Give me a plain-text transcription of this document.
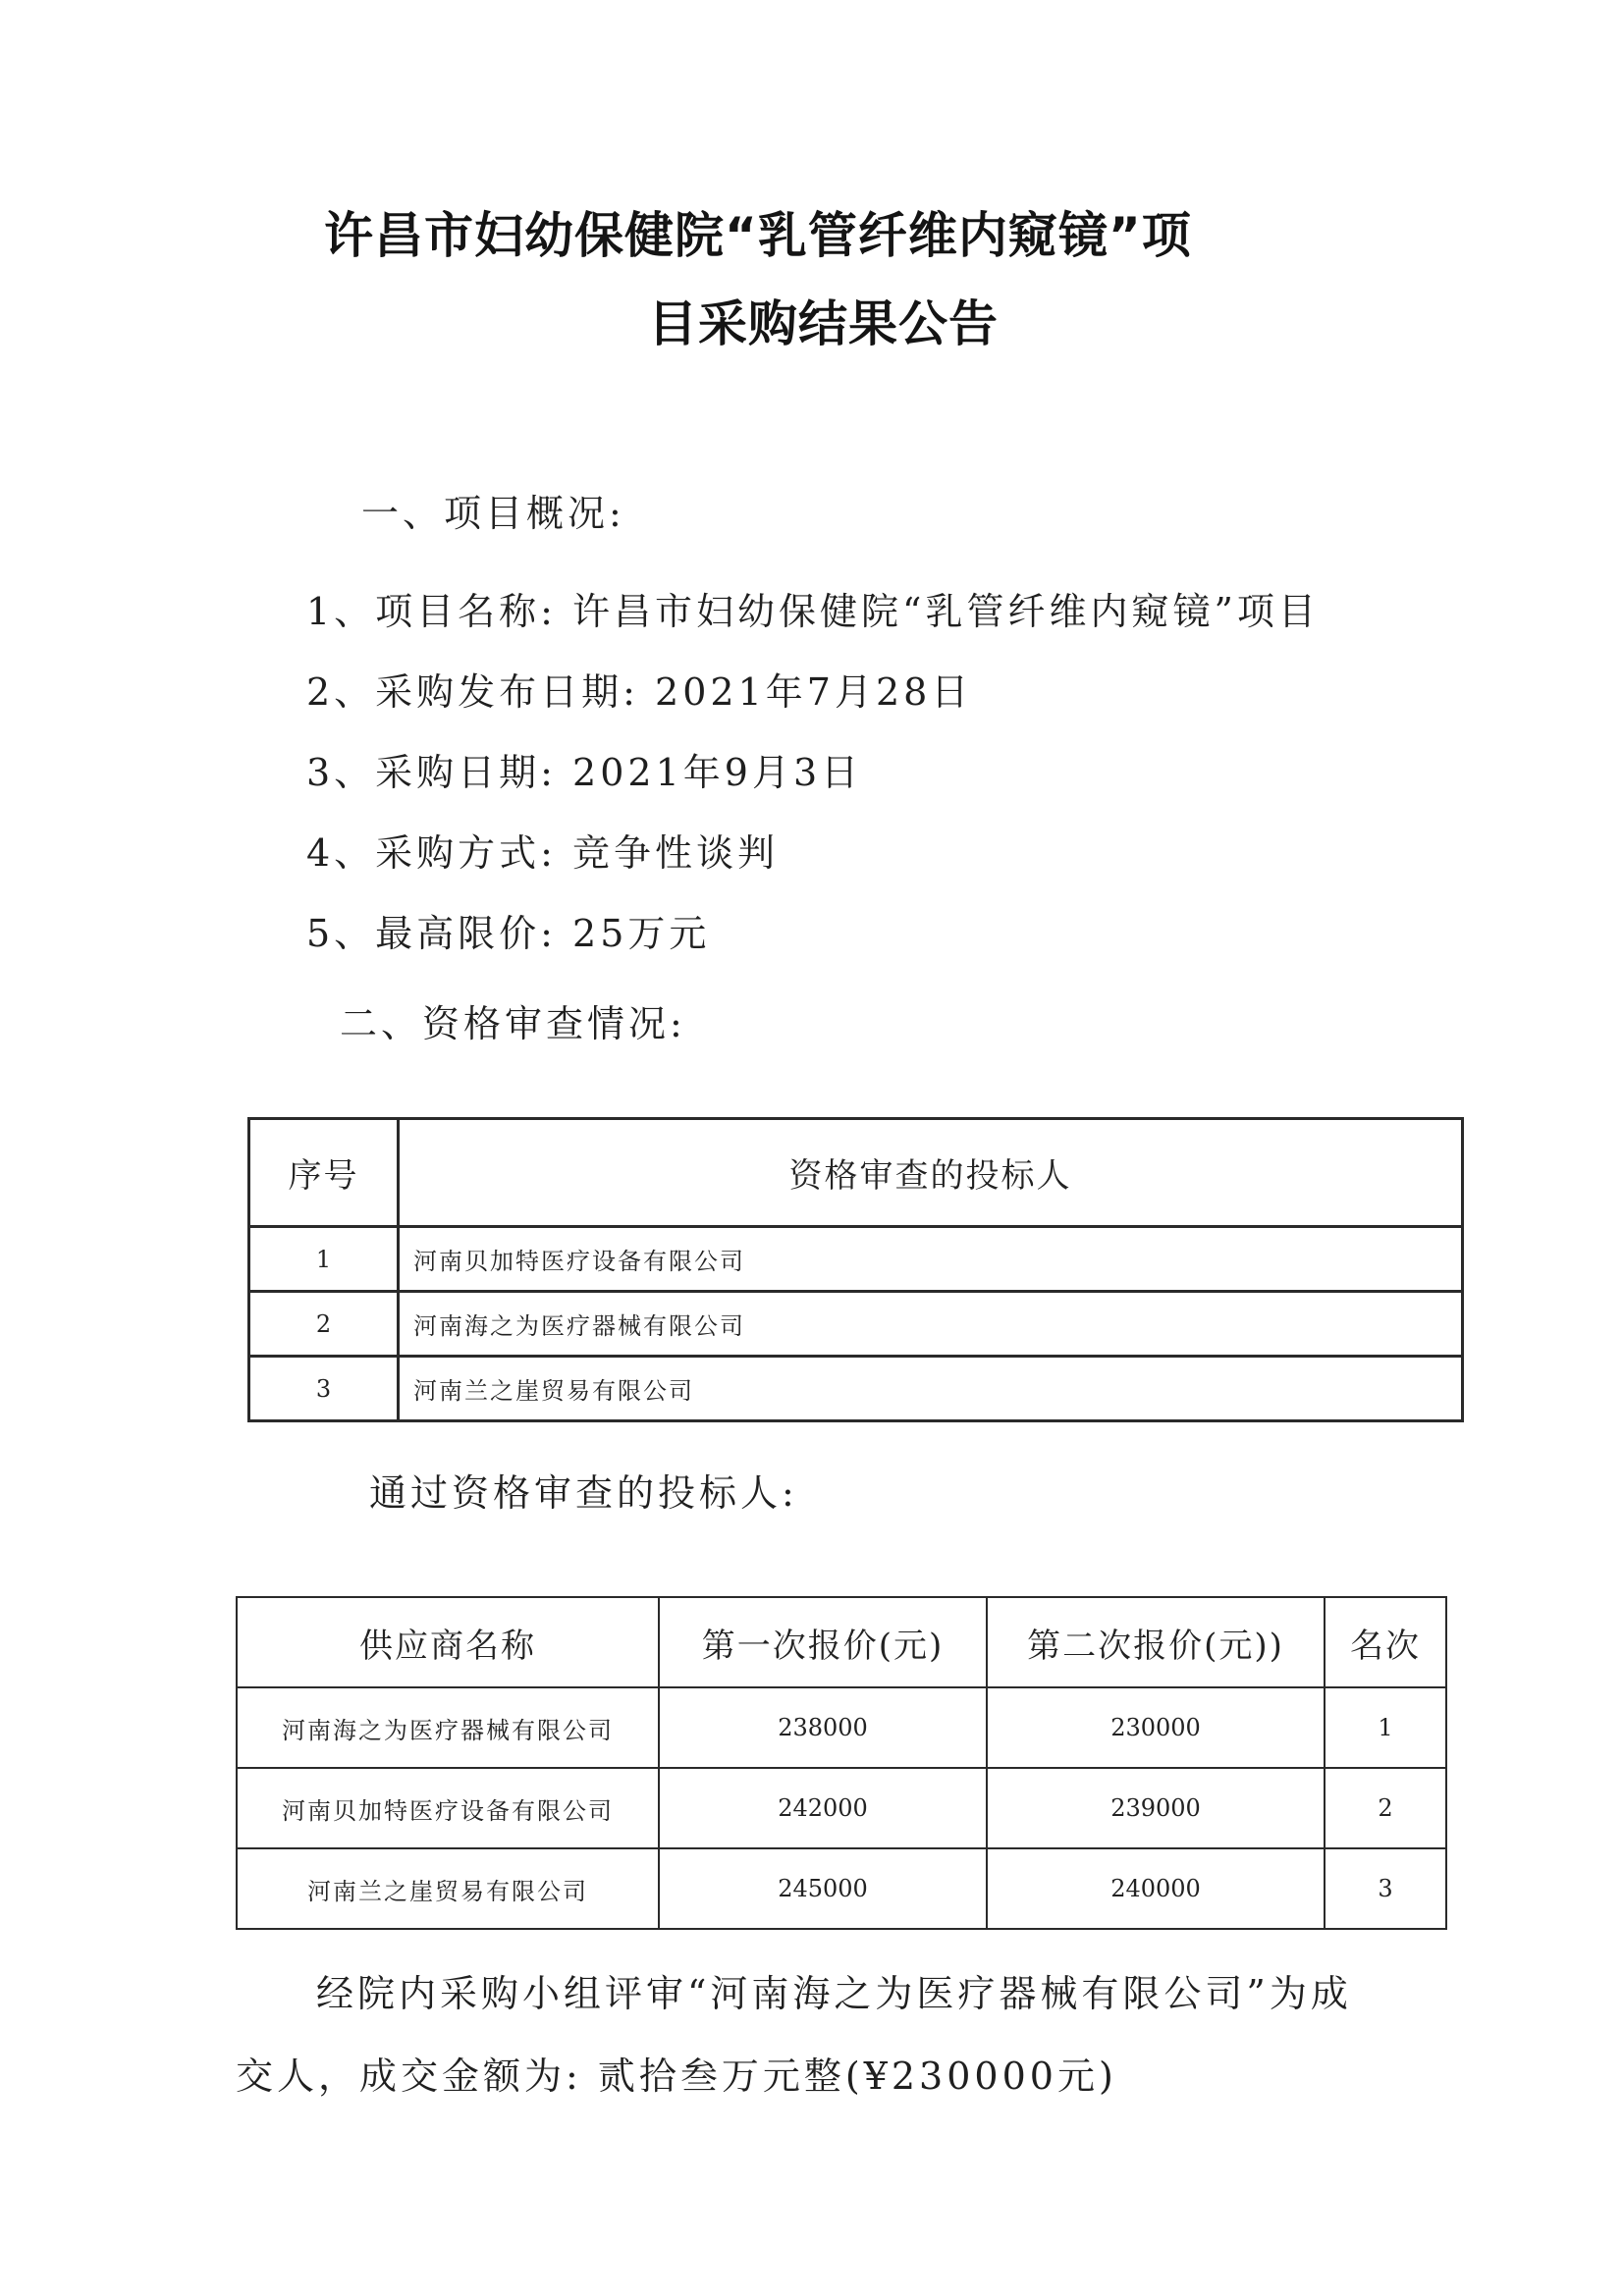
许昌市妇幼保健院“乳管纤维内窥镜”项
目采购结果公告
一、项目概况:
1、项目名称: 许昌市妇幼保健院“乳管纤维内窥镜”项目
2、采购发布日期: 2021年7月28日
3、采购日期: 2021年9月3日
4、采购方式: 竞争性谈判
5、最高限价: 25万元
二、资格审查情况:
序号	资格审查的投标人
1	河南贝加特医疗设备有限公司
2	河南海之为医疗器械有限公司
3	河南兰之崖贸易有限公司
通过资格审查的投标人:
供应商名称	第一次报价(元)	第二次报价(元))	名次
河南海之为医疗器械有限公司	238000	230000	1
河南贝加特医疗设备有限公司	242000	239000	2
河南兰之崖贸易有限公司	245000	240000	3
经院内采购小组评审“河南海之为医疗器械有限公司”为成
交人，成交金额为: 贰拾叁万元整(¥230000元)
